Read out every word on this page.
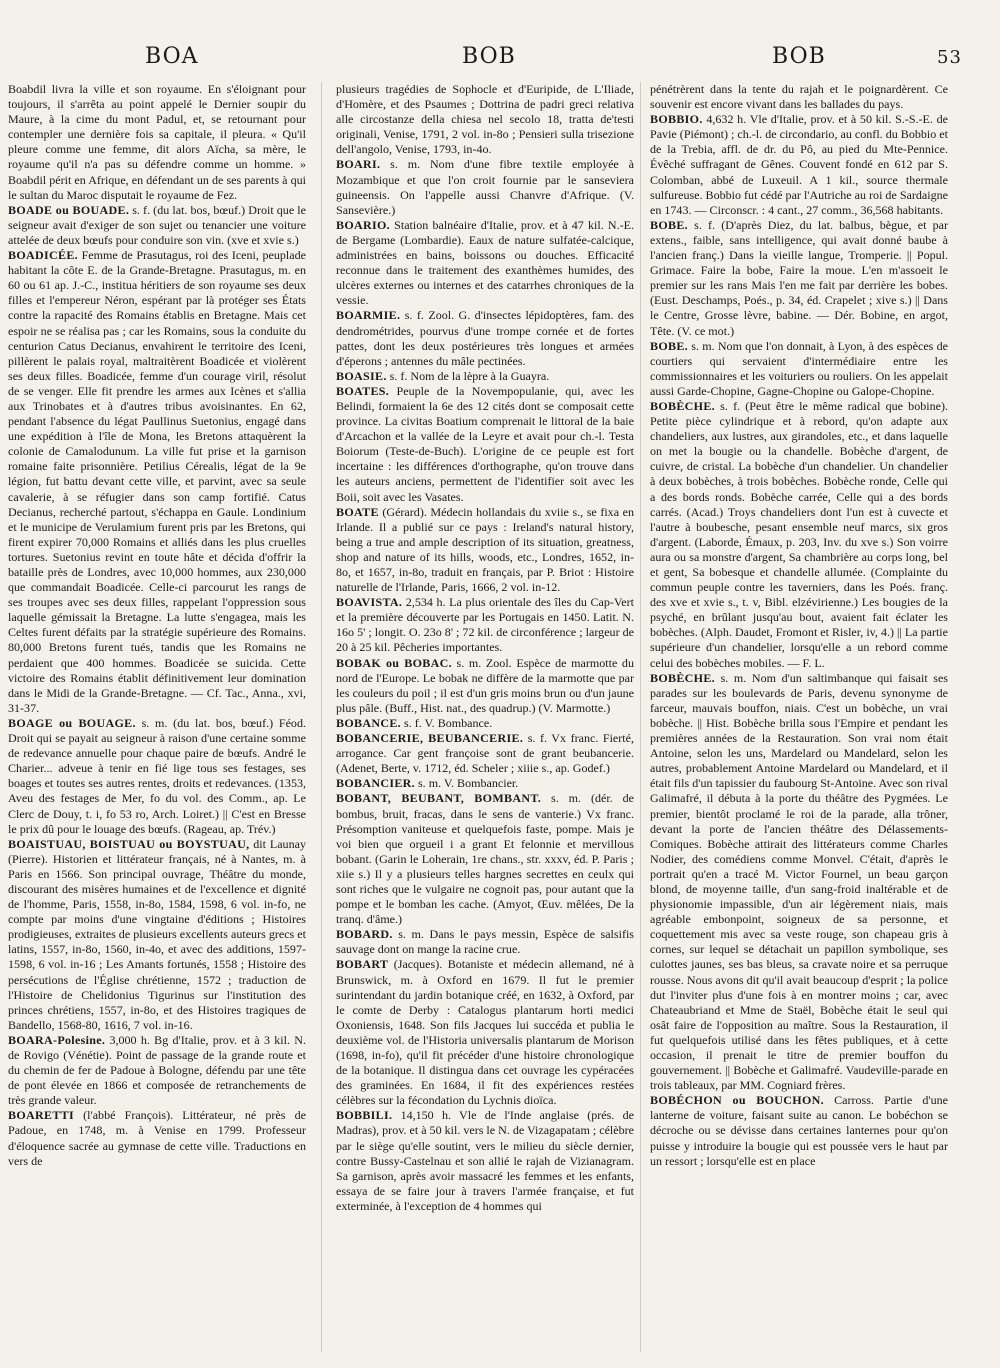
BOA	BOB	BOB	53

Boabdil livra la ville et son royaume. En s'éloignant pour toujours, il s'arrêta au point appelé le Dernier soupir du Maure, à la cime du mont Padul, et, se retournant pour contempler une dernière fois sa capitale, il pleura. « Qu'il pleure comme une femme, dit alors Aïcha, sa mère, le royaume qu'il n'a pas su défendre comme un homme. » Boabdil périt en Afrique, en défendant un de ses parents à qui le sultan du Maroc disputait le royaume de Fez.

BOADE ou BOUADE. s. f. (du lat. bos, bœuf.) Droit que le seigneur avait d'exiger de son sujet ou tenancier une voiture attelée de deux bœufs pour conduire son vin. (xve et xvie s.)

BOADICÉE. Femme de Prasutagus, roi des Iceni, peuplade habitant la côte E. de la Grande-Bretagne. Prasutagus, m. en 60 ou 61 ap. J.-C., institua héritiers de son royaume ses deux filles et l'empereur Néron, espérant par là protéger ses États contre la rapacité des Romains établis en Bretagne. Mais cet espoir ne se réalisa pas ; car les Romains, sous la conduite du centurion Catus Decianus, envahirent le territoire des Iceni, pillèrent le palais royal, maltraitèrent Boadicée et violèrent ses deux filles. Boadicée, femme d'un courage viril, résolut de se venger. Elle fit prendre les armes aux Icènes et s'allia aux Trinobates et à d'autres tribus avoisinantes. En 62, pendant l'absence du légat Paullinus Suetonius, engagé dans une expédition à l'île de Mona, les Bretons attaquèrent la colonie de Camalodunum. La ville fut prise et la garnison romaine faite prisonnière. Petilius Cérealis, légat de la 9e légion, fut battu devant cette ville, et parvint, avec sa seule cavalerie, à se réfugier dans son camp fortifié. Catus Decianus, recherché partout, s'échappa en Gaule. Londinium et le municipe de Verulamium furent pris par les Bretons, qui firent expirer 70,000 Romains et alliés dans les plus cruelles tortures. Suetonius revint en toute hâte et décida d'offrir la bataille près de Londres, avec 10,000 hommes, aux 230,000 que commandait Boadicée. Celle-ci parcourut les rangs de ses troupes avec ses deux filles, rappelant l'oppression sous laquelle gémissait la Bretagne. La lutte s'engagea, mais les Celtes furent défaits par la stratégie supérieure des Romains. 80,000 Bretons furent tués, tandis que les Romains ne perdaient que 400 hommes. Boadicée se suicida. Cette victoire des Romains établit définitivement leur domination dans le Midi de la Grande-Bretagne. — Cf. Tac., Anna., xvi, 31-37.

BOAGE ou BOUAGE. s. m. (du lat. bos, bœuf.) Féod. Droit qui se payait au seigneur à raison d'une certaine somme de redevance annuelle pour chaque paire de bœufs. André le Charier... adveue à tenir en fié lige tous ses festages, ses boages et toutes ses autres rentes, droits et redevances. (1353, Aveu des festages de Mer, fo du vol. des Comm., ap. Le Clerc de Douy, t. i, fo 53 ro, Arch. Loiret.) || C'est en Bresse le prix dû pour le louage des bœufs. (Rageau, ap. Trév.)

BOAISTUAU, BOISTUAU ou BOYSTUAU, dit Launay (Pierre). Historien et littérateur français, né à Nantes, m. à Paris en 1566. Son principal ouvrage, Théâtre du monde, discourant des misères humaines et de l'excellence et dignité de l'homme, Paris, 1558, in-8o, 1584, 1598, 6 vol. in-fo, ne compte par moins d'une vingtaine d'éditions ; Histoires prodigieuses, extraites de plusieurs excellents auteurs grecs et latins, 1557, in-8o, 1560, in-4o, et avec des additions, 1597-1598, 6 vol. in-16 ; Les Amants fortunés, 1558 ; Histoire des persécutions de l'Église chrétienne, 1572 ; traduction de l'Histoire de Chelidonius Tigurinus sur l'institution des princes chrétiens, 1557, in-8o, et des Histoires tragiques de Bandello, 1568-80, 1616, 7 vol. in-16.

BOARA-Polesine. 3,000 h. Bg d'Italie, prov. et à 3 kil. N. de Rovigo (Vénétie). Point de passage de la grande route et du chemin de fer de Padoue à Bologne, défendu par une tête de pont élevée en 1866 et composée de retranchements de très grande valeur.

BOARETTI (l'abbé François). Littérateur, né près de Padoue, en 1748, m. à Venise en 1799. Professeur d'éloquence sacrée au gymnase de cette ville. Traductions en vers de

plusieurs tragédies de Sophocle et d'Euripide, de L'Iliade, d'Homère, et des Psaumes ; Dottrina de padri greci relativa alle circostanze della chiesa nel secolo 18, tratta de'testi originali, Venise, 1791, 2 vol. in-8o ; Pensieri sulla trisezione dell'angolo, Venise, 1793, in-4o.

BOARI. s. m. Nom d'une fibre textile employée à Mozambique et que l'on croit fournie par le sanseviera guineensis. On l'appelle aussi Chanvre d'Afrique. (V. Sansevière.)

BOARIO. Station balnéaire d'Italie, prov. et à 47 kil. N.-E. de Bergame (Lombardie). Eaux de nature sulfatée-calcique, administrées en bains, boissons ou douches. Efficacité reconnue dans le traitement des exanthèmes humides, des ulcères externes ou internes et des catarrhes chroniques de la vessie.

BOARMIE. s. f. Zool. G. d'insectes lépidoptères, fam. des dendrométrides, pourvus d'une trompe cornée et de fortes pattes, dont les deux postérieures très longues et armées d'éperons ; antennes du mâle pectinées.

BOASIE. s. f. Nom de la lèpre à la Guayra.

BOATES. Peuple de la Novempopulanie, qui, avec les Belindi, formaient la 6e des 12 cités dont se composait cette province. La civitas Boatium comprenait le littoral de la baie d'Arcachon et la vallée de la Leyre et avait pour ch.-l. Testa Boiorum (Teste-de-Buch). L'origine de ce peuple est fort incertaine : les différences d'orthographe, qu'on trouve dans les auteurs anciens, permettent de l'identifier soit avec les Boii, soit avec les Vasates.

BOATE (Gérard). Médecin hollandais du xviie s., se fixa en Irlande. Il a publié sur ce pays : Ireland's natural history, being a true and ample description of its situation, greatness, shop and nature of its hills, woods, etc., Londres, 1652, in-8o, et 1657, in-8o, traduit en français, par P. Briot : Histoire naturelle de l'Irlande, Paris, 1666, 2 vol. in-12.

BOAVISTA. 2,534 h. La plus orientale des îles du Cap-Vert et la première découverte par les Portugais en 1450. Latit. N. 16o 5' ; longit. O. 23o 8' ; 72 kil. de circonférence ; largeur de 20 à 25 kil. Pêcheries importantes.

BOBAK ou BOBAC. s. m. Zool. Espèce de marmotte du nord de l'Europe. Le bobak ne diffère de la marmotte que par les couleurs du poil ; il est d'un gris moins brun ou d'un jaune plus pâle. (Buff., Hist. nat., des quadrup.) (V. Marmotte.)

BOBANCE. s. f. V. Bombance.

BOBANCERIE, BEUBANCERIE. s. f. Vx franc. Fierté, arrogance. Car gent françoise sont de grant beubancerie. (Adenet, Berte, v. 1712, éd. Scheler ; xiiie s., ap. Godef.)

BOBANCIER. s. m. V. Bombancier.

BOBANT, BEUBANT, BOMBANT. s. m. (dér. de bombus, bruit, fracas, dans le sens de vanterie.) Vx franc. Présomption vaniteuse et quelquefois faste, pompe. Mais je voi bien que orgueil i a grant Et felonnie et mervillous bobant. (Garin le Loherain, 1re chans., str. xxxv, éd. P. Paris ; xiie s.) Il y a plusieurs telles hargnes secrettes en ceulx qui sont riches que le vulgaire ne cognoit pas, pour autant que la pompe et le bomban les cache. (Amyot, Œuv. mêlées, De la tranq. d'âme.)

BOBARD. s. m. Dans le pays messin, Espèce de salsifis sauvage dont on mange la racine crue.

BOBART (Jacques). Botaniste et médecin allemand, né à Brunswick, m. à Oxford en 1679. Il fut le premier surintendant du jardin botanique créé, en 1632, à Oxford, par le comte de Derby : Catalogus plantarum horti medici Oxoniensis, 1648. Son fils Jacques lui succéda et publia le deuxième vol. de l'Historia universalis plantarum de Morison (1698, in-fo), qu'il fit précéder d'une histoire chronologique de la botanique. Il distingua dans cet ouvrage les cypéracées des graminées. En 1684, il fit des expériences restées célèbres sur la fécondation du Lychnis dioïca.

BOBBILI. 14,150 h. Vle de l'Inde anglaise (prés. de Madras), prov. et à 50 kil. vers le N. de Vizagapatam ; célèbre par le siège qu'elle soutint, vers le milieu du siècle dernier, contre Bussy-Castelnau et son allié le rajah de Vizianagram. Sa garnison, après avoir massacré les femmes et les enfants, essaya de se faire jour à travers l'armée française, et fut exterminée, à l'exception de 4 hommes qui

pénétrèrent dans la tente du rajah et le poignardèrent. Ce souvenir est encore vivant dans les ballades du pays.

BOBBIO. 4,632 h. Vle d'Italie, prov. et à 50 kil. S.-S.-E. de Pavie (Piémont) ; ch.-l. de circondario, au confl. du Bobbio et de la Trebia, affl. de dr. du Pô, au pied du Mte-Pennice. Évêché suffragant de Gênes. Couvent fondé en 612 par S. Colomban, abbé de Luxeuil. A 1 kil., source thermale sulfureuse. Bobbio fut cédé par l'Autriche au roi de Sardaigne en 1743. — Circonscr. : 4 cant., 27 comm., 36,568 habitants.

BOBE. s. f. (D'après Diez, du lat. balbus, bègue, et par extens., faible, sans intelligence, qui avait donné baube à l'ancien franç.) Dans la vieille langue, Tromperie. || Popul. Grimace. Faire la bobe, Faire la moue. L'en m'assoeit le premier sur les rans Mais l'en me fait par derrière les bobes. (Eust. Deschamps, Poés., p. 34, éd. Crapelet ; xive s.) || Dans le Centre, Grosse lèvre, babine. — Dér. Bobine, en argot, Tête. (V. ce mot.)

BOBE. s. m. Nom que l'on donnait, à Lyon, à des espèces de courtiers qui servaient d'intermédiaire entre les commissionnaires et les voituriers ou rouliers. On les appelait aussi Garde-Chopine, Gagne-Chopine ou Galope-Chopine.

BOBÈCHE. s. f. (Peut être le même radical que bobine). Petite pièce cylindrique et à rebord, qu'on adapte aux chandeliers, aux lustres, aux girandoles, etc., et dans laquelle on met la bougie ou la chandelle. Bobèche d'argent, de cuivre, de cristal. La bobèche d'un chandelier. Un chandelier à deux bobèches, à trois bobèches. Bobèche ronde, Celle qui a des bords ronds. Bobèche carrée, Celle qui a des bords carrés. (Acad.) Troys chandeliers dont l'un est à cuvecte et l'autre à boubesche, pesant ensemble neuf marcs, six gros d'argent. (Laborde, Émaux, p. 203, Inv. du xve s.) Son voirre aura ou sa monstre d'argent, Sa chambrière au corps long, bel et gent, Sa bobesque et chandelle allumée. (Complainte du commun peuple contre les taverniers, dans les Poés. franç. des xve et xvie s., t. v, Bibl. elzévirienne.) Les bougies de la psyché, en brûlant jusqu'au bout, avaient fait éclater les bobèches. (Alph. Daudet, Fromont et Risler, iv, 4.) || La partie supérieure d'un chandelier, lorsqu'elle a un rebord comme celui des bobèches mobiles. — F. L.

BOBÈCHE. s. m. Nom d'un saltimbanque qui faisait ses parades sur les boulevards de Paris, devenu synonyme de farceur, mauvais bouffon, niais. C'est un bobèche, un vrai bobèche. || Hist. Bobèche brilla sous l'Empire et pendant les premières années de la Restauration. Son vrai nom était Antoine, selon les uns, Mardelard ou Mandelard, selon les autres, probablement Antoine Mardelard ou Mandelard, et il était fils d'un tapissier du faubourg St-Antoine. Avec son rival Galimafré, il débuta à la porte du théâtre des Pygmées. Le premier, bientôt proclamé le roi de la parade, alla trôner, devant la porte de l'ancien théâtre des Délassements-Comiques. Bobèche attirait des littérateurs comme Charles Nodier, des comédiens comme Monvel. C'était, d'après le portrait qu'en a tracé M. Victor Fournel, un beau garçon blond, de moyenne taille, d'un sang-froid inaltérable et de physionomie impassible, d'un air légèrement niais, mais agréable embonpoint, soigneux de sa personne, et coquettement mis avec sa veste rouge, son chapeau gris à cornes, sur lequel se détachait un papillon symbolique, ses culottes jaunes, ses bas bleus, sa cravate noire et sa perruque rousse. Nous avons dit qu'il avait beaucoup d'esprit ; la police dut l'inviter plus d'une fois à en montrer moins ; car, avec Chateaubriand et Mme de Staël, Bobèche était le seul qui osât faire de l'opposition au maître. Sous la Restauration, il fut quelquefois utilisé dans les fêtes publiques, et à cette occasion, il prenait le titre de premier bouffon du gouvernement. || Bobèche et Galimafré. Vaudeville-parade en trois tableaux, par MM. Cogniard frères.

BOBÉCHON ou BOUCHON. Carross. Partie d'une lanterne de voiture, faisant suite au canon. Le bobéchon se décroche ou se dévisse dans certaines lanternes pour qu'on puisse y introduire la bougie qui est poussée vers le haut par un ressort ; lorsqu'elle est en place
